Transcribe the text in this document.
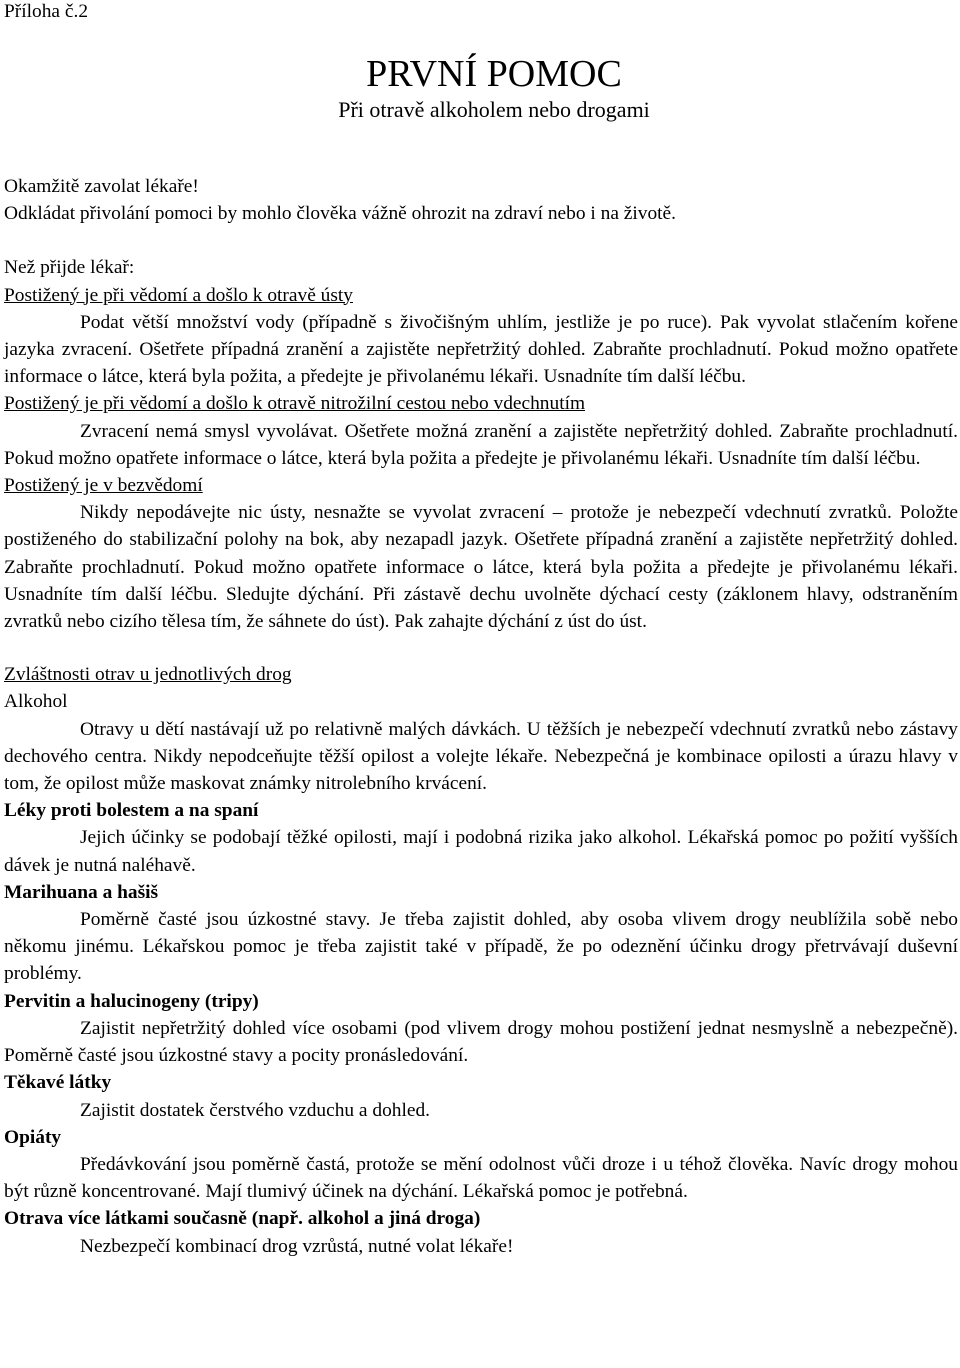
Příloha č.2
PRVNÍ POMOC
Při otravě alkoholem nebo drogami

Okamžitě zavolat lékaře!

Odkládat přivolání pomoci by mohlo člověka vážně ohrozit na zdraví nebo i na životě.

Než přijde lékař:

Postižený je při vědomí a došlo k otravě ústy

Podat větší množství vody (případně s živočišným uhlím, jestliže je po ruce). Pak vyvolat stlačením kořene jazyka zvracení. Ošetřete případná zranění a zajistěte nepřetržitý dohled. Zabraňte prochladnutí. Pokud možno opatřete informace o látce, která byla požita, a předejte je přivolanému lékaři. Usnadníte tím další léčbu.

Postižený je při vědomí a došlo k otravě nitrožilní cestou nebo vdechnutím

Zvracení nemá smysl vyvolávat. Ošetřete možná zranění a zajistěte nepřetržitý dohled. Zabraňte prochladnutí. Pokud možno opatřete informace o látce, která byla požita a předejte je přivolanému lékaři. Usnadníte tím další léčbu.

Postižený je v bezvědomí

Nikdy nepodávejte nic ústy, nesnažte se vyvolat zvracení – protože je nebezpečí vdechnutí zvratků. Položte postiženého do stabilizační polohy na bok, aby nezapadl jazyk. Ošetřete případná zranění a zajistěte nepřetržitý dohled. Zabraňte prochladnutí. Pokud možno opatřete informace o látce, která byla požita a předejte je přivolanému lékaři. Usnadníte tím další léčbu. Sledujte dýchání. Při zástavě dechu uvolněte dýchací cesty (záklonem hlavy, odstraněním zvratků nebo cizího tělesa tím, že sáhnete do úst). Pak zahajte dýchání z úst do úst.

Zvláštnosti otrav u jednotlivých drog

Alkohol

Otravy u dětí nastávají už po relativně malých dávkách. U těžších je nebezpečí vdechnutí zvratků nebo zástavy dechového centra. Nikdy nepodceňujte těžší opilost a volejte lékaře. Nebezpečná je kombinace opilosti a úrazu hlavy v tom, že opilost může maskovat známky nitrolebního krvácení.

Léky proti bolestem a na spaní

Jejich účinky se podobají těžké opilosti, mají i podobná rizika jako alkohol. Lékařská pomoc po požití vyšších dávek je nutná naléhavě.

Marihuana a hašiš

Poměrně časté jsou úzkostné stavy. Je třeba zajistit dohled, aby osoba vlivem drogy neublížila sobě nebo někomu jinému. Lékařskou pomoc je třeba zajistit také v případě, že po odeznění účinku drogy přetrvávají duševní problémy.

Pervitin a halucinogeny (tripy)

Zajistit nepřetržitý dohled více osobami (pod vlivem drogy mohou postižení jednat nesmyslně a nebezpečně). Poměrně časté jsou úzkostné stavy a pocity pronásledování.

Těkavé látky

Zajistit dostatek čerstvého vzduchu a dohled.

Opiáty

Předávkování jsou poměrně častá, protože se mění odolnost vůči droze i u téhož člověka. Navíc drogy mohou být různě koncentrované. Mají tlumivý účinek na dýchání. Lékařská pomoc je potřebná.

Otrava více látkami současně (např. alkohol a jiná droga)

Nezbezpečí kombinací drog vzrůstá, nutné volat lékaře!
